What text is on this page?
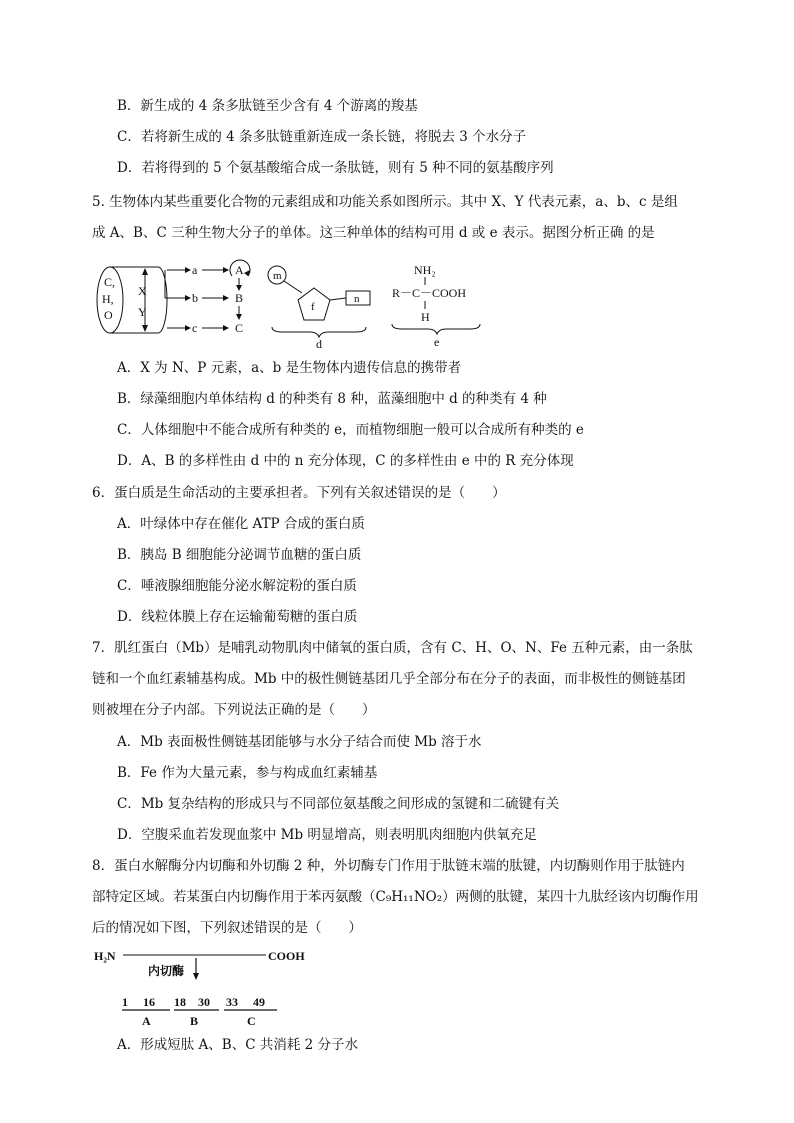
B．新生成的 4 条多肽链至少含有 4 个游离的羧基
C．若将新生成的 4 条多肽链重新连成一条长链，将脱去 3 个水分子
D．若将得到的 5 个氨基酸缩合成一条肽链，则有 5 种不同的氨基酸序列
5. 生物体内某些重要化合物的元素组成和功能关系如图所示。其中 X、Y 代表元素，a、b、c 是组
成 A、B、C 三种生物大分子的单体。这三种单体的结构可用 d 或 e 表示。据图分析正确 的是
C,
H,
O
X
Y
a
b
c
A
B
C
m
f
n
d
NH₂
R－C－COOH
H
e
A．X 为 N、P 元素，a、b 是生物体内遗传信息的携带者
B．绿藻细胞内单体结构 d 的种类有 8 种，蓝藻细胞中 d 的种类有 4 种
C．人体细胞中不能合成所有种类的 e，而植物细胞一般可以合成所有种类的 e
D．A、B 的多样性由 d 中的 n 充分体现，C 的多样性由 e 中的 R 充分体现
6．蛋白质是生命活动的主要承担者。下列有关叙述错误的是（　　）
A．叶绿体中存在催化 ATP 合成的蛋白质
B．胰岛 B 细胞能分泌调节血糖的蛋白质
C．唾液腺细胞能分泌水解淀粉的蛋白质
D．线粒体膜上存在运输葡萄糖的蛋白质
7．肌红蛋白（Mb）是哺乳动物肌肉中储氧的蛋白质，含有 C、H、O、N、Fe 五种元素，由一条肽
链和一个血红素辅基构成。Mb 中的极性侧链基团几乎全部分布在分子的表面，而非极性的侧链基团
则被埋在分子内部。下列说法正确的是（　　）
A．Mb 表面极性侧链基团能够与水分子结合而使 Mb 溶于水
B．Fe 作为大量元素，参与构成血红素辅基
C．Mb 复杂结构的形成只与不同部位氨基酸之间形成的氢键和二硫键有关
D．空腹采血若发现血浆中 Mb 明显增高，则表明肌肉细胞内供氧充足
8．蛋白水解酶分内切酶和外切酶 2 种，外切酶专门作用于肽链末端的肽键，内切酶则作用于肽链内
部特定区域。若某蛋白内切酶作用于苯丙氨酸（C₉H₁₁NO₂）两侧的肽键，某四十九肽经该内切酶作用
后的情况如下图，下列叙述错误的是（　　）
H₂N	COOH
内切酶
1　 16 18　30 33　 49
A	B	C
A．形成短肽 A、B、C 共消耗 2 分子水
